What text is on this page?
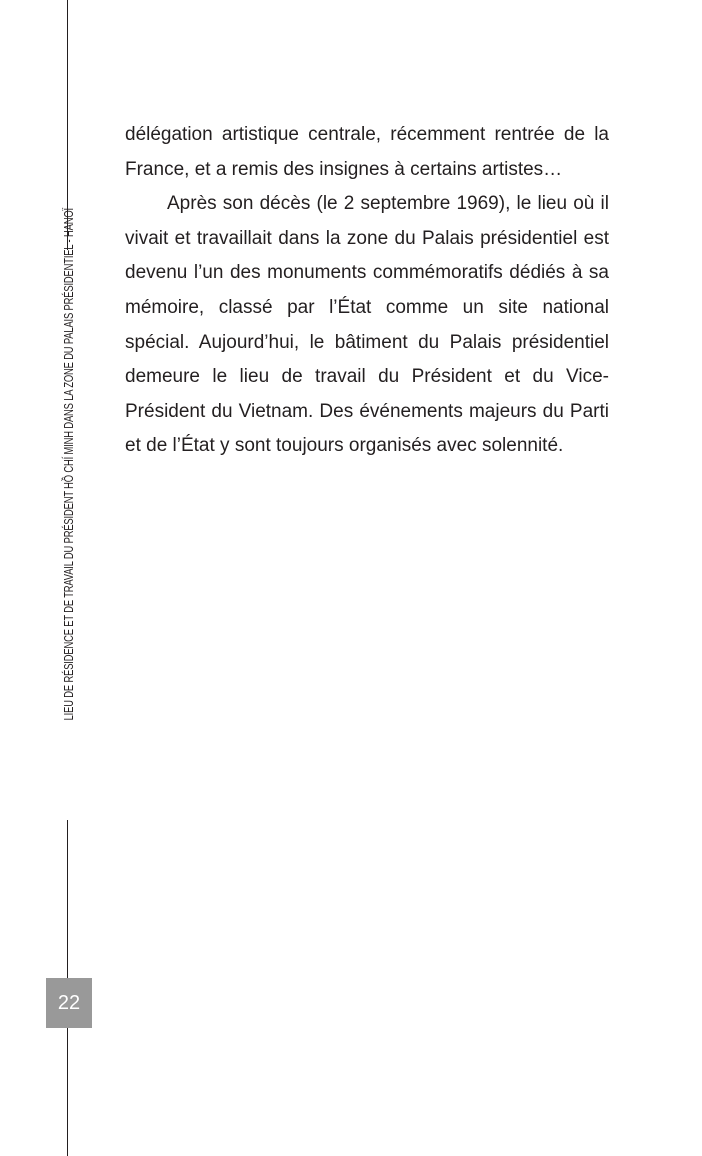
LIEU DE RÉSIDENCE ET DE TRAVAIL DU PRÉSIDENT HỒ CHÍ MINH DANS LA ZONE DU PALAIS PRÉSIDENTIEL - HANOÏ
22

délégation artistique centrale, récemment rentrée de la France, et a remis des insignes à certains artistes…

Après son décès (le 2 septembre 1969), le lieu où il vivait et travaillait dans la zone du Palais présidentiel est devenu l’un des monuments commémoratifs dédiés à sa mémoire, classé par l’État comme un site national spécial. Aujourd’hui, le bâtiment du Palais présidentiel demeure le lieu de travail du Président et du Vice-Président du Vietnam. Des événements majeurs du Parti et de l’État y sont toujours organisés avec solennité.
